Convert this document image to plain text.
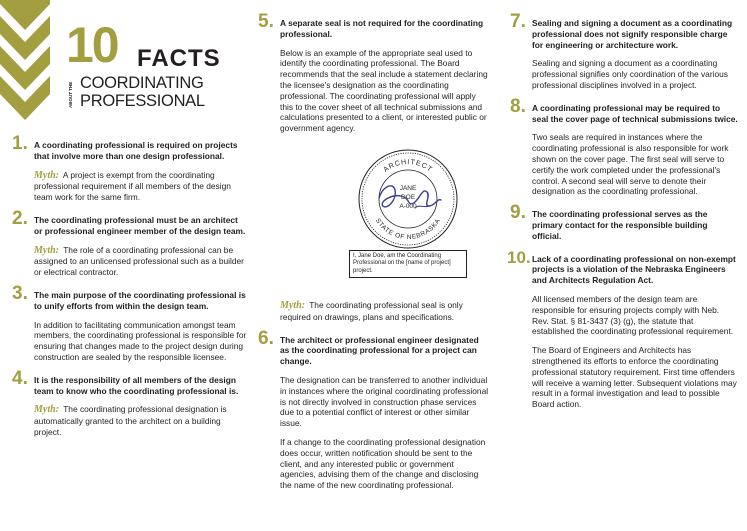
10 FACTS
ABOUT THE COORDINATING
PROFESSIONAL
1. A coordinating professional is required on projects that involve more than one design professional.
Myth: A project is exempt from the coordinating professional requirement if all members of the design team work for the same firm.
2. The coordinating professional must be an architect or professional engineer member of the design team.
Myth: The role of a coordinating professional can be assigned to an unlicensed professional such as a builder or electrical contractor.
3. The main purpose of the coordinating professional is to unify efforts from within the design team.

In addition to facilitating communication amongst team members, the coordinating professional is responsible for ensuring that changes made to the project design during construction are sealed by the responsible licensee.

4. It is the responsibility of all members of the design team to know who the coordinating professional is.
Myth: The coordinating professional designation is automatically granted to the architect on a building project.
5. A separate seal is not required for the coordinating professional.

Below is an example of the appropriate seal used to identify the coordinating professional. The Board recommends that the seal include a statement declaring the licensee's designation as the coordinating professional. The coordinating professional will apply this to the cover sheet of all technical submissions and calculations presented to a client, or interested public or government agency.

ARCHITECT
STATE OF NEBRASKA
JANE
DOE
A-000
I, Jane Doe, am the Coordinating Professional on the [name of project] project.
Myth: The coordinating professional seal is only required on drawings, plans and specifications.
6. The architect or professional engineer designated as the coordinating professional for a project can change.

The designation can be transferred to another individual in instances where the original coordinating professional is not directly involved in construction phase services due to a potential conflict of interest or other similar issue.

If a change to the coordinating professional designation does occur, written notification should be sent to the client, and any interested public or government agencies, advising them of the change and disclosing the name of the new coordinating professional.

7. Sealing and signing a document as a coordinating professional does not signify responsible charge for engineering or architecture work.

Sealing and signing a document as a coordinating professional signifies only coordination of the various professional disciplines involved in a project.

8. A coordinating professional may be required to seal the cover page of technical submissions twice.

Two seals are required in instances where the coordinating professional is also responsible for work shown on the cover page. The first seal will serve to certify the work completed under the professional's control. A second seal will serve to denote their designation as the coordinating professional.

9. The coordinating professional serves as the primary contact for the responsible building official.
10. Lack of a coordinating professional on non-exempt projects is a violation of the Nebraska Engineers and Architects Regulation Act.

All licensed members of the design team are responsible for ensuring projects comply with Neb. Rev. Stat. § 81-3437 (3) (g), the statute that established the coordinating professional requirement.

The Board of Engineers and Architects has strengthened its efforts to enforce the coordinating professional statutory requirement. First time offenders will receive a warning letter. Subsequent violations may result in a formal investigation and lead to possible Board action.
